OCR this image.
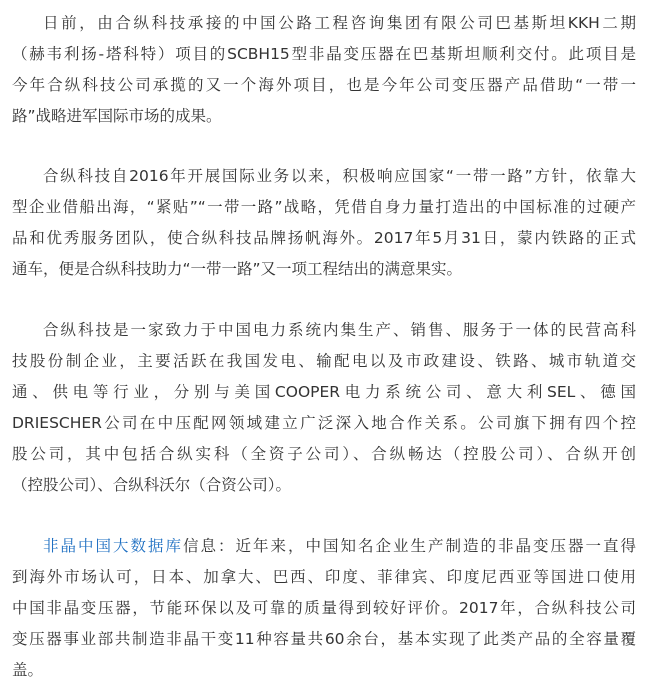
日前，由合纵科技承接的中国公路工程咨询集团有限公司巴基斯坦KKH二期
（赫韦利扬-塔科特）项目的SCBH15型非晶变压器在巴基斯坦顺利交付。此项目是
今年合纵科技公司承揽的又一个海外项目，也是今年公司变压器产品借助“一带一
路”战略进军国际市场的成果。

合纵科技自2016年开展国际业务以来，积极响应国家“一带一路”方针，依靠大
型企业借船出海，“紧贴”“一带一路”战略，凭借自身力量打造出的中国标准的过硬产
品和优秀服务团队，使合纵科技品牌扬帆海外。2017年5月31日，蒙内铁路的正式
通车，便是合纵科技助力“一带一路”又一项工程结出的满意果实。

合纵科技是一家致力于中国电力系统内集生产、销售、服务于一体的民营高科
技股份制企业，主要活跃在我国发电、输配电以及市政建设、铁路、城市轨道交
通、供电等行业，分别与美国COOPER电力系统公司、意大利SEL、德国
DRIESCHER公司在中压配网领域建立广泛深入地合作关系。公司旗下拥有四个控
股公司，其中包括合纵实科（全资子公司）、合纵畅达（控股公司）、合纵开创
（控股公司）、合纵科沃尔（合资公司）。

非晶中国大数据库信息：近年来，中国知名企业生产制造的非晶变压器一直得
到海外市场认可，日本、加拿大、巴西、印度、菲律宾、印度尼西亚等国进口使用
中国非晶变压器，节能环保以及可靠的质量得到较好评价。2017年，合纵科技公司
变压器事业部共制造非晶干变11种容量共60余台，基本实现了此类产品的全容量覆
盖。
